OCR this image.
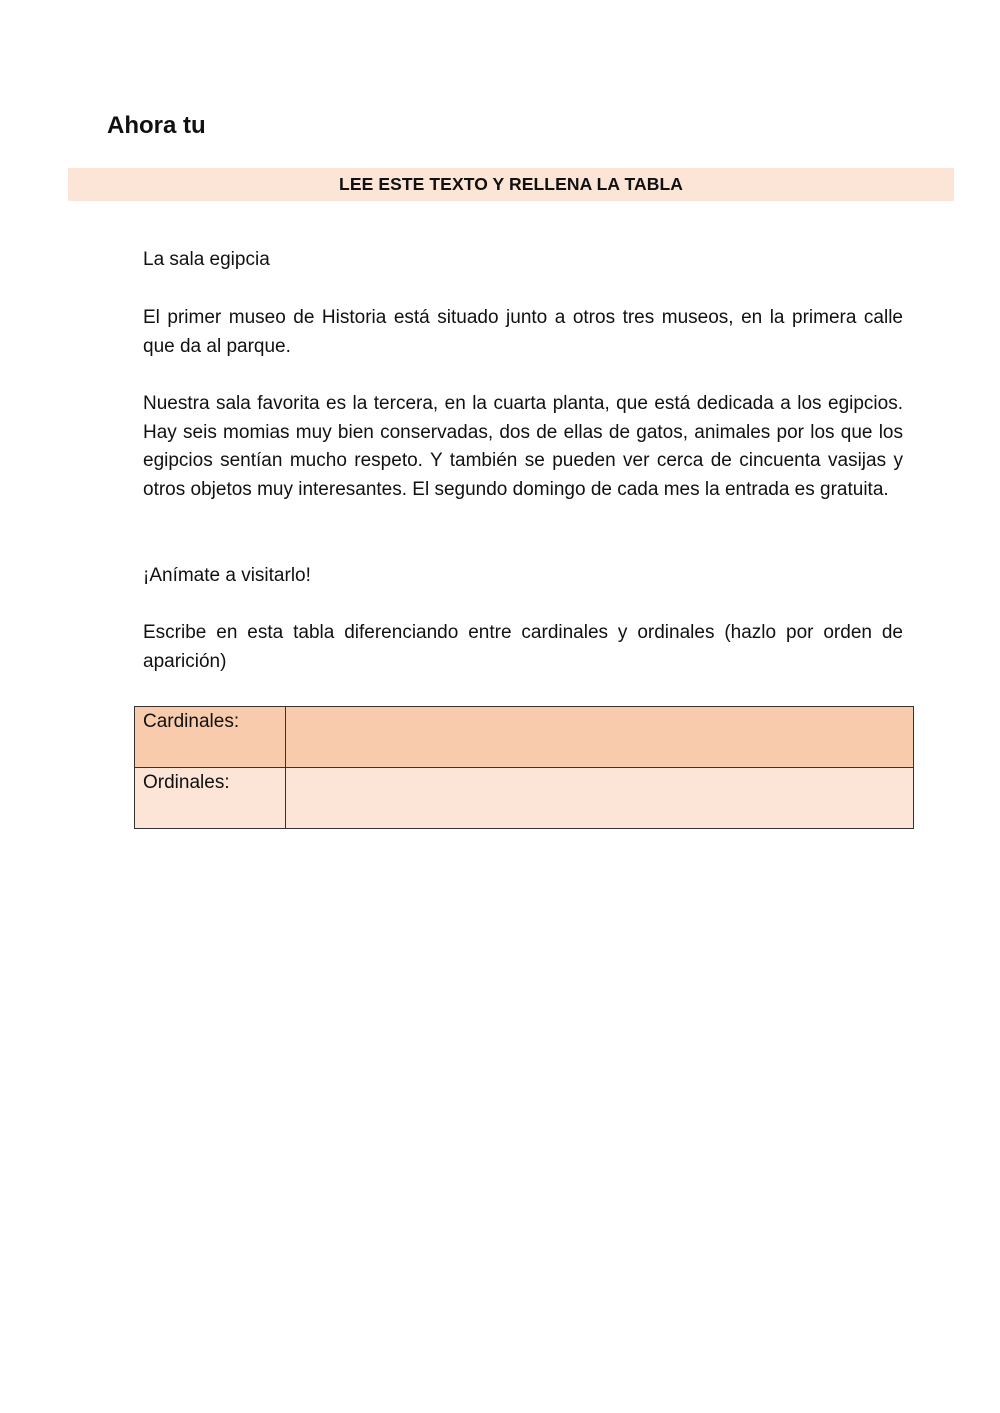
Ahora tu
LEE ESTE TEXTO Y RELLENA LA TABLA

La sala egipcia

El primer museo de Historia está situado junto a otros tres museos, en la primera calle que da al parque.

Nuestra sala favorita es la tercera, en la cuarta planta, que está dedicada a los egipcios. Hay seis momias muy bien conservadas, dos de ellas de gatos, animales por los que los egipcios sentían mucho respeto. Y también se pueden ver cerca de cincuenta vasijas y otros objetos muy interesantes. El segundo domingo de cada mes la entrada es gratuita.

¡Anímate a visitarlo!

Escribe en esta tabla diferenciando entre cardinales y ordinales (hazlo por orden de aparición)

Cardinales:	
Ordinales:	
